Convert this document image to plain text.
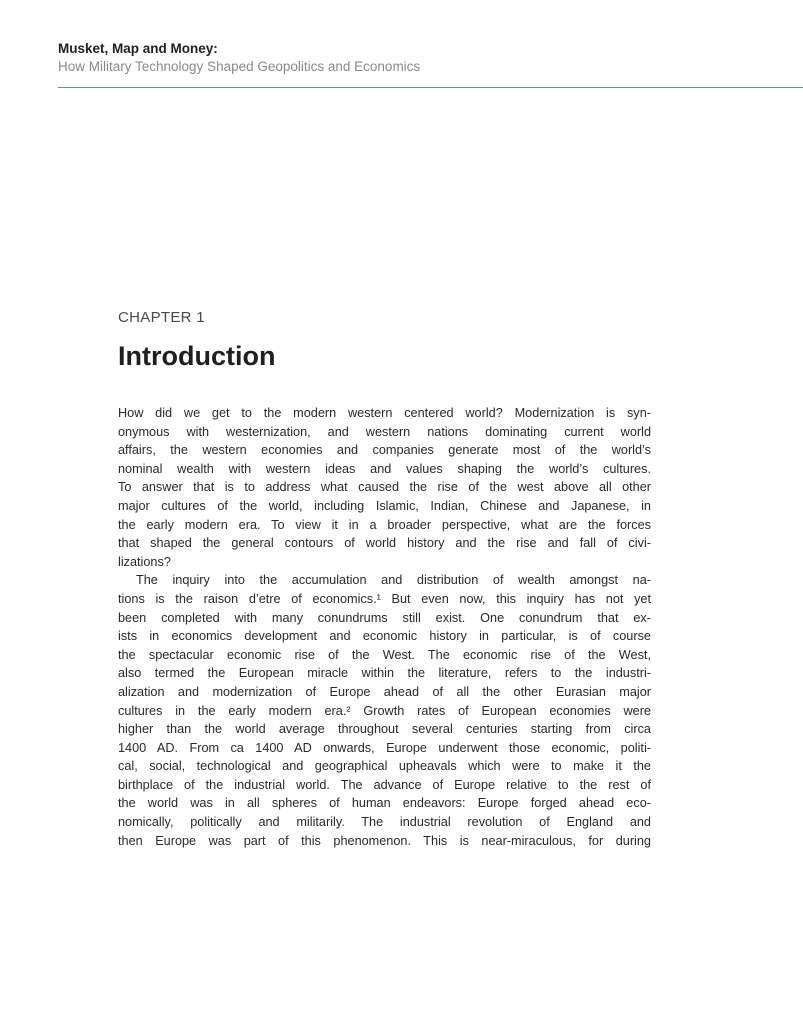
Musket, Map and Money:
How Military Technology Shaped Geopolitics and Economics
CHAPTER 1
Introduction
How did we get to the modern western centered world? Modernization is syn-
onymous with westernization, and western nations dominating current world
affairs, the western economies and companies generate most of the world’s
nominal wealth with western ideas and values shaping the world’s cultures.
To answer that is to address what caused the rise of the west above all other
major cultures of the world, including Islamic, Indian, Chinese and Japanese, in
the early modern era. To view it in a broader perspective, what are the forces
that shaped the general contours of world history and the rise and fall of civi-
lizations?
The inquiry into the accumulation and distribution of wealth amongst na-
tions is the raison d’etre of economics.¹ But even now, this inquiry has not yet
been completed with many conundrums still exist. One conundrum that ex-
ists in economics development and economic history in particular, is of course
the spectacular economic rise of the West. The economic rise of the West,
also termed the European miracle within the literature, refers to the industri-
alization and modernization of Europe ahead of all the other Eurasian major
cultures in the early modern era.² Growth rates of European economies were
higher than the world average throughout several centuries starting from circa
1400 AD. From ca 1400 AD onwards, Europe underwent those economic, politi-
cal, social, technological and geographical upheavals which were to make it the
birthplace of the industrial world. The advance of Europe relative to the rest of
the world was in all spheres of human endeavors: Europe forged ahead eco-
nomically, politically and militarily. The industrial revolution of England and
then Europe was part of this phenomenon. This is near-miraculous, for during
